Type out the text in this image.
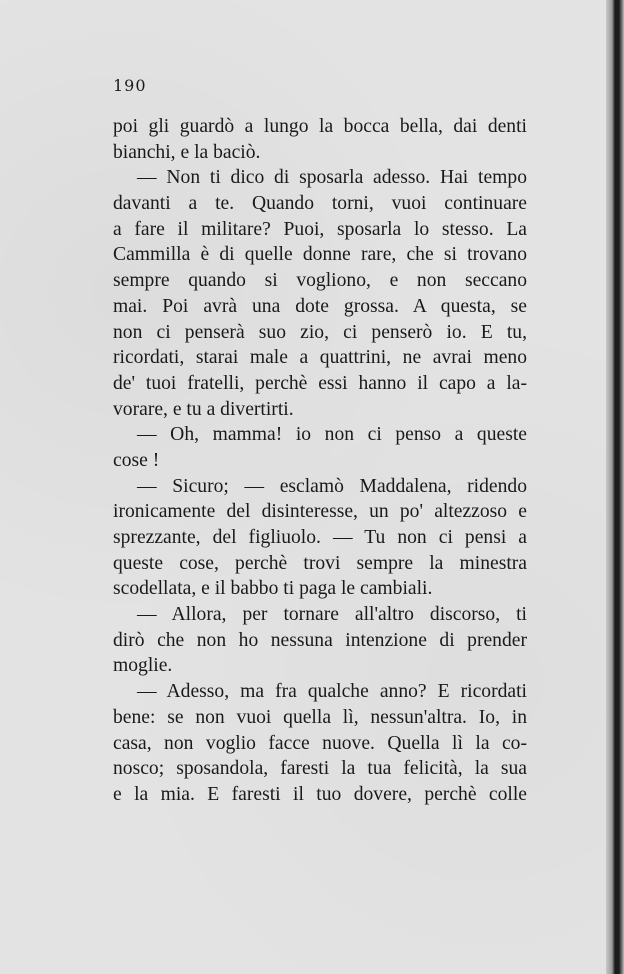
190
poi gli guardò a lungo la bocca bella, dai denti
bianchi, e la baciò.
— Non ti dico di sposarla adesso. Hai tempo
davanti a te. Quando torni, vuoi continuare
a fare il militare? Puoi, sposarla lo stesso. La
Cammilla è di quelle donne rare, che si trovano
sempre quando si vogliono, e non seccano
mai. Poi avrà una dote grossa. A questa, se
non ci penserà suo zio, ci penserò io. E tu,
ricordati, starai male a quattrini, ne avrai meno
de' tuoi fratelli, perchè essi hanno il capo a la-
vorare, e tu a divertirti.
— Oh, mamma! io non ci penso a queste
cose !
— Sicuro; — esclamò Maddalena, ridendo
ironicamente del disinteresse, un po' altezzoso e
sprezzante, del figliuolo. — Tu non ci pensi a
queste cose, perchè trovi sempre la minestra
scodellata, e il babbo ti paga le cambiali.
— Allora, per tornare all'altro discorso, ti
dirò che non ho nessuna intenzione di prender
moglie.
— Adesso, ma fra qualche anno? E ricordati
bene: se non vuoi quella lì, nessun'altra. Io, in
casa, non voglio facce nuove. Quella lì la co-
nosco; sposandola, faresti la tua felicità, la sua
e la mia. E faresti il tuo dovere, perchè colle
